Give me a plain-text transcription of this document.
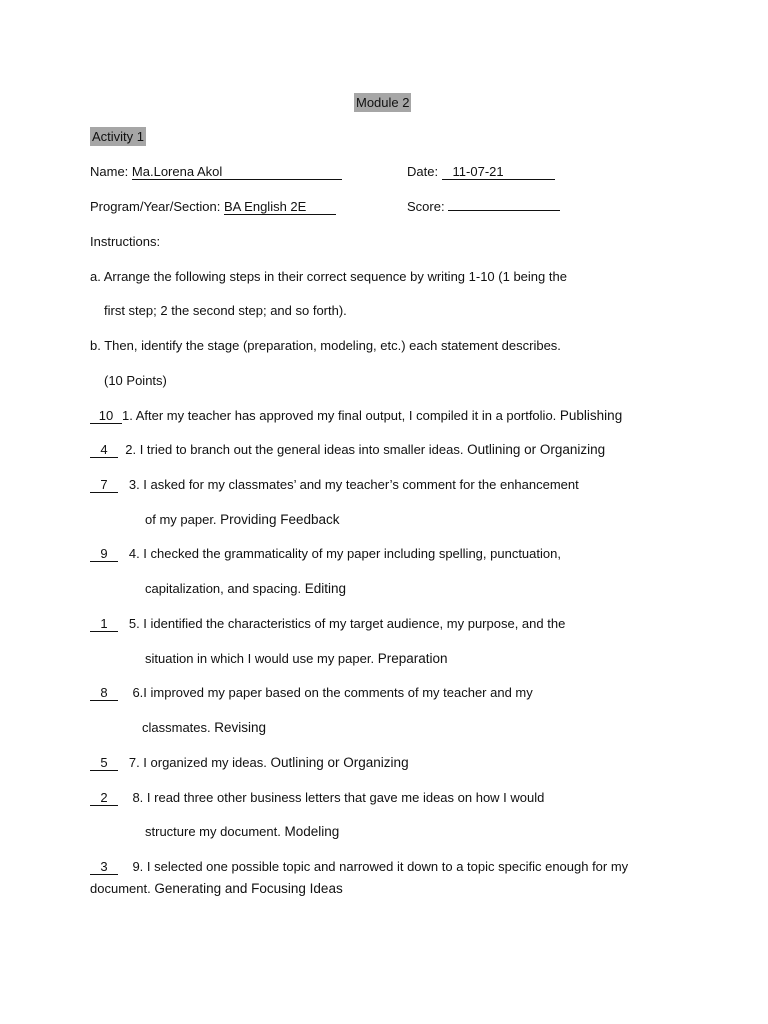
Module 2
Activity 1
Name: Ma.Lorena Akol	Date: 11-07-21
Program/Year/Section: BA English 2E	Score:
Instructions:
a. Arrange the following steps in their correct sequence by writing 1-10 (1 being the
first step; 2 the second step; and so forth).
b. Then, identify the stage (preparation, modeling, etc.) each statement describes.
(10 Points)
10 1. After my teacher has approved my final output, I compiled it in a portfolio. Publishing
4 2. I tried to branch out the general ideas into smaller ideas. Outlining or Organizing
7 3. I asked for my classmates’ and my teacher’s comment for the enhancement
of my paper. Providing Feedback
9 4. I checked the grammaticality of my paper including spelling, punctuation,
capitalization, and spacing. Editing
1 5. I identified the characteristics of my target audience, my purpose, and the
situation in which I would use my paper. Preparation
8 6.I improved my paper based on the comments of my teacher and my
classmates. Revising
5 7. I organized my ideas. Outlining or Organizing
2 8. I read three other business letters that gave me ideas on how I would
structure my document. Modeling
3 9. I selected one possible topic and narrowed it down to a topic specific enough for my
document. Generating and Focusing Ideas
